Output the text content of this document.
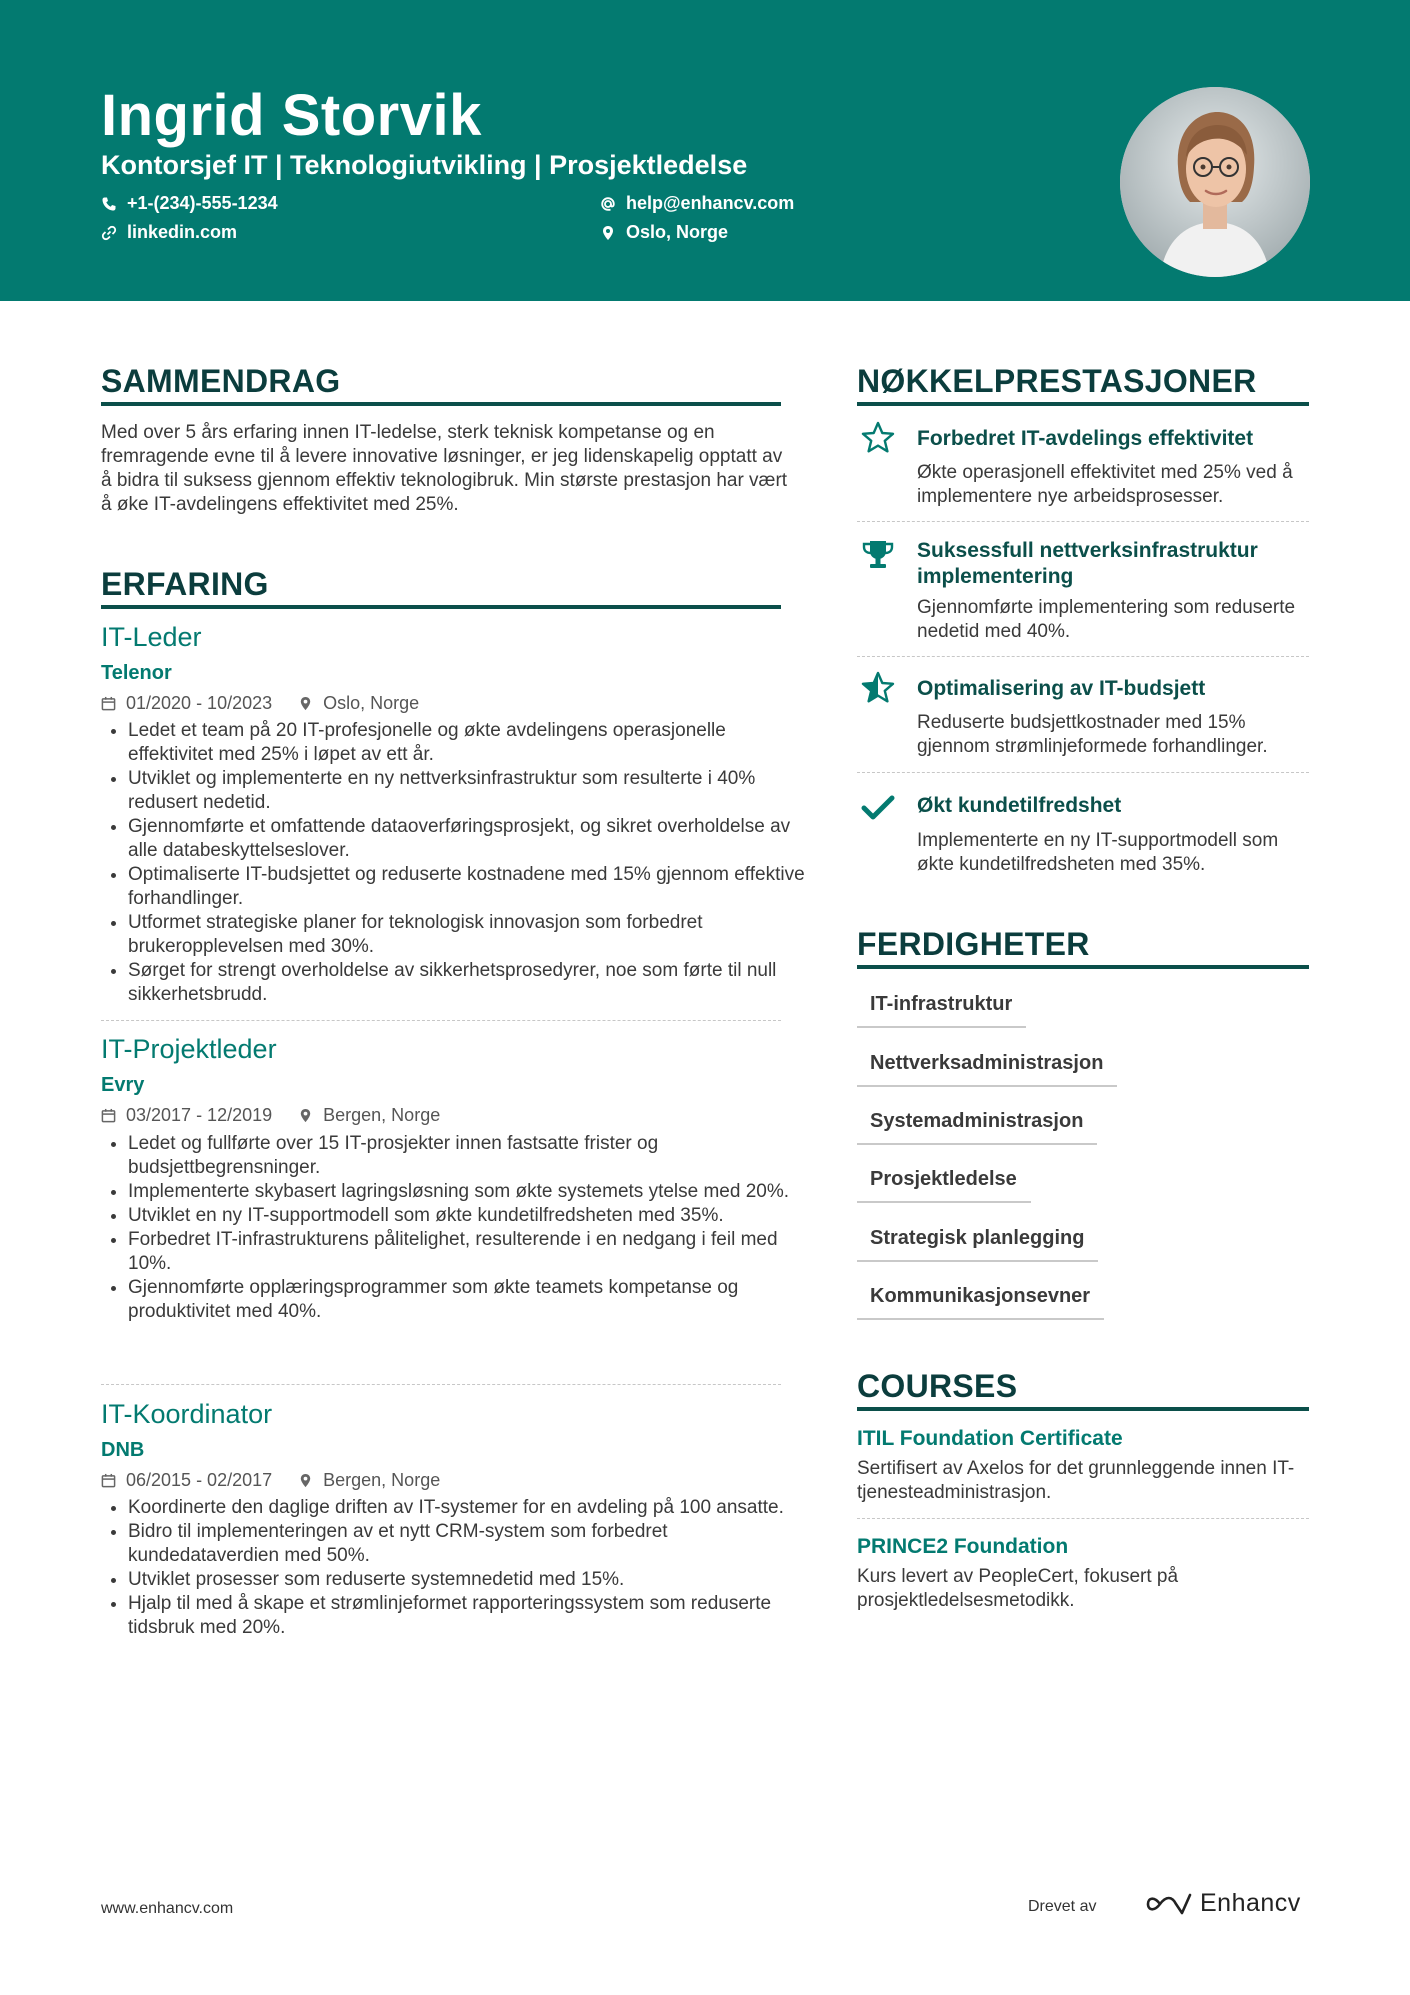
Ingrid Storvik
Kontorsjef IT | Teknologiutvikling | Prosjektledelse
+1-(234)-555-1234	help@enhancv.com
linkedin.com	Oslo, Norge
SAMMENDRAG
Med over 5 års erfaring innen IT-ledelse, sterk teknisk kompetanse og en fremragende evne til å levere innovative løsninger, er jeg lidenskapelig opptatt av å bidra til suksess gjennom effektiv teknologibruk. Min største prestasjon har vært å øke IT-avdelingens effektivitet med 25%.
ERFARING
IT-Leder
Telenor
01/2020 - 10/2023	Oslo, Norge
• Ledet et team på 20 IT-profesjonelle og økte avdelingens operasjonelle effektivitet med 25% i løpet av ett år.
• Utviklet og implementerte en ny nettverksinfrastruktur som resulterte i 40% redusert nedetid.
• Gjennomførte et omfattende dataoverføringsprosjekt, og sikret overholdelse av alle databeskyttelseslover.
• Optimaliserte IT-budsjettet og reduserte kostnadene med 15% gjennom effektive forhandlinger.
• Utformet strategiske planer for teknologisk innovasjon som forbedret brukeropplevelsen med 30%.
• Sørget for strengt overholdelse av sikkerhetsprosedyrer, noe som førte til null sikkerhetsbrudd.
IT-Projektleder
Evry
03/2017 - 12/2019	Bergen, Norge
• Ledet og fullførte over 15 IT-prosjekter innen fastsatte frister og budsjettbegrensninger.
• Implementerte skybasert lagringsløsning som økte systemets ytelse med 20%.
• Utviklet en ny IT-supportmodell som økte kundetilfredsheten med 35%.
• Forbedret IT-infrastrukturens pålitelighet, resulterende i en nedgang i feil med 10%.
• Gjennomførte opplæringsprogrammer som økte teamets kompetanse og produktivitet med 40%.
IT-Koordinator
DNB
06/2015 - 02/2017	Bergen, Norge
• Koordinerte den daglige driften av IT-systemer for en avdeling på 100 ansatte.
• Bidro til implementeringen av et nytt CRM-system som forbedret kundedataverdien med 50%.
• Utviklet prosesser som reduserte systemnedetid med 15%.
• Hjalp til med å skape et strømlinjeformet rapporteringssystem som reduserte tidsbruk med 20%.
NØKKELPRESTASJONER
Forbedret IT-avdelings effektivitet
Økte operasjonell effektivitet med 25% ved å implementere nye arbeidsprosesser.
Suksessfull nettverksinfrastruktur implementering
Gjennomførte implementering som reduserte nedetid med 40%.
Optimalisering av IT-budsjett
Reduserte budsjettkostnader med 15% gjennom strømlinjeformede forhandlinger.
Økt kundetilfredshet
Implementerte en ny IT-supportmodell som økte kundetilfredsheten med 35%.
FERDIGHETER
IT-infrastruktur
Nettverksadministrasjon
Systemadministrasjon
Prosjektledelse
Strategisk planlegging
Kommunikasjonsevner
COURSES
ITIL Foundation Certificate
Sertifisert av Axelos for det grunnleggende innen IT-tjenesteadministrasjon.
PRINCE2 Foundation
Kurs levert av PeopleCert, fokusert på prosjektledelsesmetodikk.
www.enhancv.com	Drevet av	Enhancv
